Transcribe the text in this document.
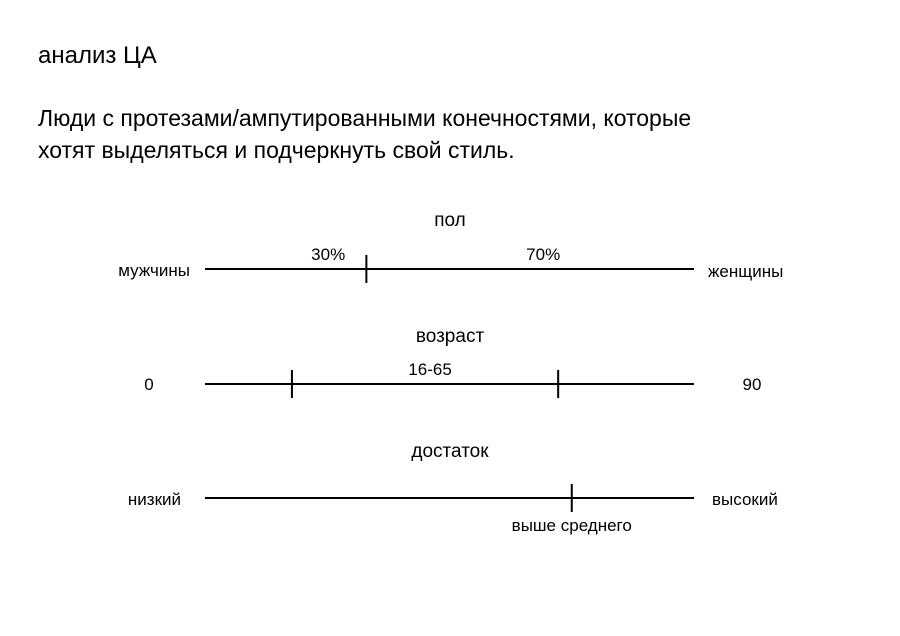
анализ ЦА
Люди с протезами/ампутированными конечностями, которые
хотят выделяться и подчеркнуть свой стиль.
пол
мужчины	женщины
30%	70%
возраст
0	90
16-65
достаток
низкий	высокий
выше среднего
